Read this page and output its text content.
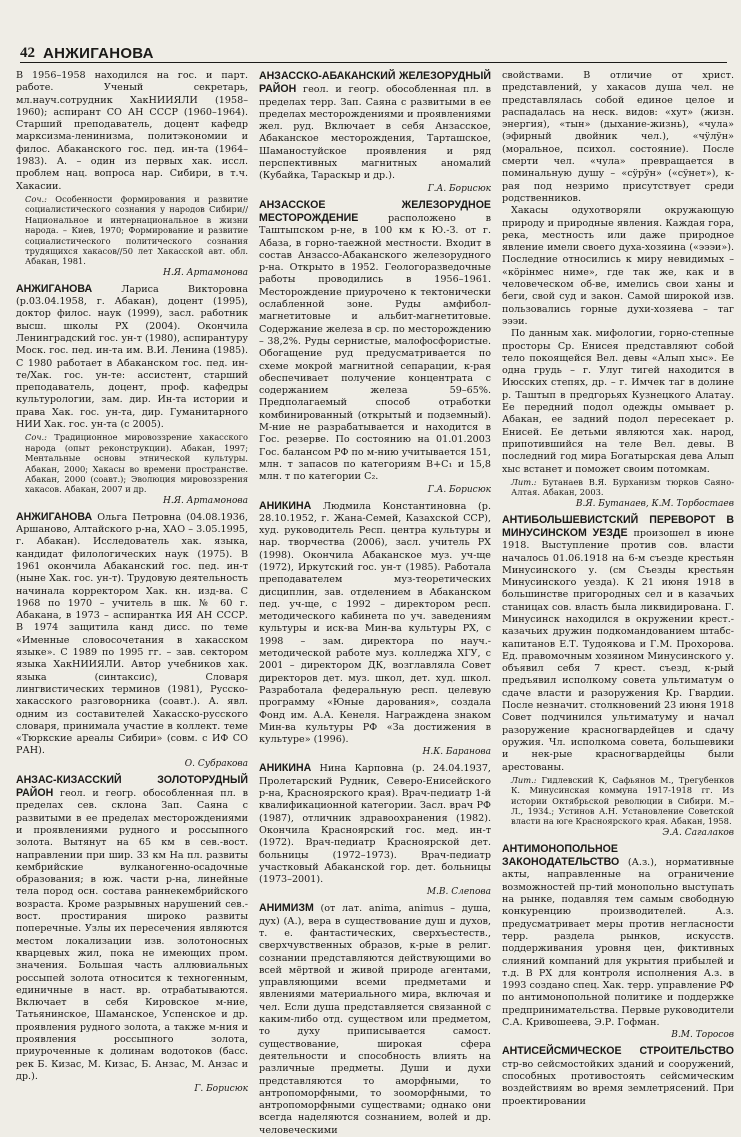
42 АНЖИГАНОВА

В 1956–1958 находился на гос. и парт. работе. Ученый секретарь, мл.науч.сотрудник ХакНИИЯЛИ (1958–1960); аспирант СО АН СССР (1960–1964). Старший преподаватель, доцент кафедр марксизма-ленинизма, политэкономии и филос. Абаканского гос. пед. ин-та (1964–1983). А. – один из первых хак. иссл. проблем нац. вопроса нар. Сибири, в т.ч. Хакасии.

Соч.: Особенности формирования и развитие социалистического сознания у народов Сибири//Национальное и интернациональное в жизни народа. – Киев, 1970; Формирование и развитие социалистического политического сознания трудящихся хакасов//50 лет Хакасской авт. обл. Абакан, 1981.
Н.Я. Артамонова

АНЖИГАНОВА	Лариса Викторовна (р.03.04.1958, г. Абакан), доцент (1995), доктор филос. наук (1999), засл. работник высш. школы РХ (2004). Окончила Ленинградский гос. ун-т (1980), аспирантуру Моск. гос. пед. ин-та им. В.И. Ленина (1985). С 1980 работает в Абаканском гос. пед. ин-те/Хак. гос. ун-те: ассистент, старший преподаватель, доцент, проф. кафедры культурологии, зам. дир. Ин-та истории и права Хак. гос. ун-та, дир. Гуманитарного НИИ Хак. гос. ун-та (с 2005).

Соч.: Традиционное мировоззрение хакасского народа (опыт реконструкции). Абакан, 1997; Ментальные основы этнической культуры. Абакан, 2000; Хакасы во времени пространстве. Абакан, 2000 (соавт.); Эволюция мировоззрения хакасов. Абакан, 2007 и др.
Н.Я. Артамонова

АНЖИГАНОВА Ольга Петровна (04.08.1936, Аршаново, Алтайского р-на, ХАО – 3.05.1995, г. Абакан). Исследователь хак. языка, кандидат филологических наук (1975). В 1961 окончила Абаканский гос. пед. ин-т (ныне Хак. гос. ун-т). Трудовую деятельность начинала корректором Хак. кн. изд-ва. С 1968 по 1970 – учитель в шк. № 60 г. Абакана, в 1973 – аспирантка ИЯ АН СССР. В 1974 защитила канд дисс. по теме «Именные словосочетания в хакасском языке». С 1989 по 1995 гг. – зав. сектором языка ХакНИИЯЛИ. Автор учебников хак. языка (синтаксис), Словаря лингвистических терминов (1981), Русско-хакасского разговорника (соавт.). А. явл. одним из составителей Хакасско-русского словаря, принимала участие в коллект. теме «Тюркские ареалы Сибири» (совм. с ИФ СО РАН).

О. Субракова

АНЗАС-КИЗАССКИЙ ЗОЛОТОРУДНЫЙ РАЙОН геол. и геогр. обособленная пл. в пределах сев. склона Зап. Саяна с развитыми в ее пределах месторождениями и проявлениями рудного и россыпного золота. Вытянут на 65 км в сев.-вост. направлении при шир. 33 км На пл. развиты кембрийские вулканогенно-осадочные образования; в юж. части р-на, линейные тела пород осн. состава раннекембрийского возраста. Кроме разрывных нарушений сев.-вост. простирания широко развиты поперечные. Узлы их пересечения являются местом локализации изв. золотоносных кварцевых жил, пока не имеющих пром. значения. Большая часть аллювиальных россыпей золота относится к техногенным, единичные в наст. вр. отрабатываются. Включает в себя Кировское м-ние, Татьянинское, Шаманское, Успенское и др. проявления рудного золота, а также м-ния и проявления россыпного золота, приуроченные к долинам водотоков (басс. рек Б. Кизас, М. Кизас, Б. Анзас, М. Анзас и др.).

Г. Борисюк

АНЗАССКО-АБАКАНСКИЙ ЖЕЛЕЗОРУДНЫЙ РАЙОН геол. и геогр. обособленная пл. в пределах терр. Зап. Саяна с развитыми в ее пределах месторождениями и проявлениями жел. руд. Включает в себя Анзасское, Абаканское месторождения, Тарташское, Шаманостуйское проявления и ряд перспективных магнитных аномалий (Кубайка, Тараскыр и др.).

Г.А. Борисюк

АНЗАССКОЕ ЖЕЛЕЗОРУДНОЕ МЕСТОРОЖДЕНИЕ	расположено в Таштыпском р-не, в 100 км к Ю.-З. от г. Абаза, в горно-таежной местности. Входит в состав Анзассо-Абаканского железорудного р-на. Открыто в 1952. Геологоразведочные работы проводились в 1956–1961. Месторождение приурочено к тектонически ослабленной зоне. Руды амфибол-магнетитовые и альбит-магнетитовые. Содержание железа в ср. по месторождению – 38,2%. Руды сернистые, малофосфористые. Обогащение руд предусматривается по схеме мокрой магнитной сепарации, к-рая обеспечивает получение концентрата с содержанием железа 59–65%. Предполагаемый способ отработки комбинированный (открытый и подземный). М-ние не разрабатывается и находится в Гос. резерве. По состоянию на 01.01.2003 Гос. балансом РФ по м-нию учитывается 151, млн. т запасов по категориям В+С₁ и 15,8 млн. т по категории С₂.

Г.А. Борисюк

АНИКИНА Людмила Константиновна (р. 28.10.1952, г. Жана-Семей, Казахской ССР), худ. руководитель Респ. центра культуры и нар. творчества (2006), засл. учитель РХ (1998). Окончила Абаканское муз. уч-ще (1972), Иркутский гос. ун-т (1985). Работала преподавателем муз-теоретических дисциплин, зав. отделением в Абаканском пед. уч-ще, с 1992 – директором респ. методического кабинета по уч. заведениям культуры и иск-ва Мин-ва культуры РХ, с 1998 – зам. директора по науч.-методической работе муз. колледжа ХГУ, с 2001 – директором ДК, возглавляла Совет директоров дет. муз. школ, дет. худ. школ. Разработала федеральную респ. целевую программу «Юные дарования», создала Фонд им. А.А. Кенеля. Награждена знаком Мин-ва культуры РФ «За достижения в культуре» (1996).

Н.К. Баранова

АНИКИНА Нина Карповна (р. 24.04.1937, Пролетарский Рудник, Северо-Енисейского р-на, Красноярского края). Врач-педиатр 1-й квалификационной категории. Засл. врач РФ (1987), отличник здравоохранения (1982). Окончила Красноярский гос. мед. ин-т (1972). Врач-педиатр Красноярской дет. больницы (1972–1973). Врач-педиатр участковый Абаканской гор. дет. больницы (1973–2001).

М.В. Слепова

АНИМИЗМ (от лат. anima, animus – душа, дух) (А.), вера в существование душ и духов, т. е. фантастических, сверхъестеств., сверхчувственных образов, к-рые в религ. сознании представляются действующими во всей мёртвой и живой природе агентами, управляющими всеми предметами и явлениями материального мира, включая и чел. Если душа представляется связанной с каким-либо отд. существом или предметом, то духу приписывается самост. существование, широкая сфера деятельности и способность влиять на различные предметы. Души и духи представляются то аморфными, то антропоморфными, то зооморфными, то антропоморфными существами; однако они всегда наделяются сознанием, волей и др. человеческими

свойствами. В отличие от христ. представлений, у хакасов душа чел. не представлялась собой единое целое и распадалась на неск. видов: «хут» (жизн. энергия), «тын» (дыхание-жизнь), «чула» (эфирный двойник чел.), «чÿлÿн» (моральное, психол. состояние). После смерти чел. «чула» превращается в поминальную душу – «сÿрÿн» («сÿнет»), к-рая под незримо присутствует среди родственников.

Хакасы одухотворяли окружающую природу и природные явления. Каждая гора, река, местность или даже природное явление имели своего духа-хозяина («эээи»). Последние относились к миру невидимых – «кöрiнмес ниме», где так же, как и в человеческом об-ве, имелись свои ханы и беги, свой суд и закон. Самой широкой изв. пользовались горные духи-хозяева – таг эээи.

По данным хак. мифологии, горно-степные просторы Ср. Енисея представляют собой тело покоящейся Вел. девы «Алып хыс». Ее одна грудь – г. Улуг тигей находится в Июсских степях, др. – г. Имчек таг в долине р. Таштып в предгорьях Кузнецкого Алатау. Ее передний подол одежды омывает р. Абакан, ее задний подол пересекает р. Енисей. Ее детьми являются хак. народ, припотившийся на теле Вел. девы. В последний год мира Богатырская дева Алып хыс встанет и поможет своим потомкам.

Лит.: Бутанаев В.Я. Бурханизм тюрков Саяно-Алтая. Абакан, 2003.
В.Я. Бутанаев, К.М. Торбостаев

АНТИБОЛЬШЕВИСТСКИЙ ПЕРЕВОРОТ В МИНУСИНСКОМ УЕЗДЕ произошел в июне 1918. Выступление против сов. власти началось 01.06.1918 на 6-м съезде крестьян Минусинского у. (см Съезды крестьян Минусинского уезда). К 21 июня 1918 в большинстве пригородных сел и в казачьих станицах сов. власть была ликвидирована. Г. Минусинск находился в окружении крест.-казачьих дружин подкомандованием штабс-капитанов Е.Т. Тудоякова и Г.М. Прохорова. Ед. правомочным хозяином Минусинского у. объявил себя 7 крест. съезд, к-рый предъявил исполкому совета ультиматум о сдаче власти и разоружения Кр. Гвардии. После незначит. столкновений 23 июня 1918 Совет подчинился ультиматуму и начал разоружение красногвардейцев и сдачу оружия. Чл. исполкома совета, большевики и нек-рые красногвардейцы были арестованы.

Лит.: Гидлевский К, Сафьянов М., Трегубенков К. Минусинская коммуна 1917-1918 гг. Из истории Октябрьской революции в Сибири. М.–Л., 1934.; Устинов А.Н. Установление Советской власти на юге Красноярского края. Абакан, 1958.
Э.А. Сагалаков

АНТИМОНОПОЛЬНОЕ ЗАКОНОДАТЕЛЬСТВО (А.з.), нормативные акты, направленные на ограничение возможностей пр-тий монопольно выступать на рынке, подавляя тем самым свободную конкуренцию производителей. А.з. предусматривает меры против негласности терр. раздела рынков, искусств. поддерживания уровня цен, фиктивных слияний компаний для укрытия прибылей и т.д. В РХ для контроля исполнения А.з. в 1993 создано спец. Хак. терр. управление РФ по антимонопольной политике и поддержке предпринимательства. Первые руководители С.А. Кривошеева, Э.Р. Гофман.

В.М. Торосов

АНТИСЕЙСМИЧЕСКОЕ СТРОИТЕЛЬСТВО стр-во сейсмостойких зданий и сооружений, способных противостоять сейсмическим воздействиям во время землетрясений. При проектировании
